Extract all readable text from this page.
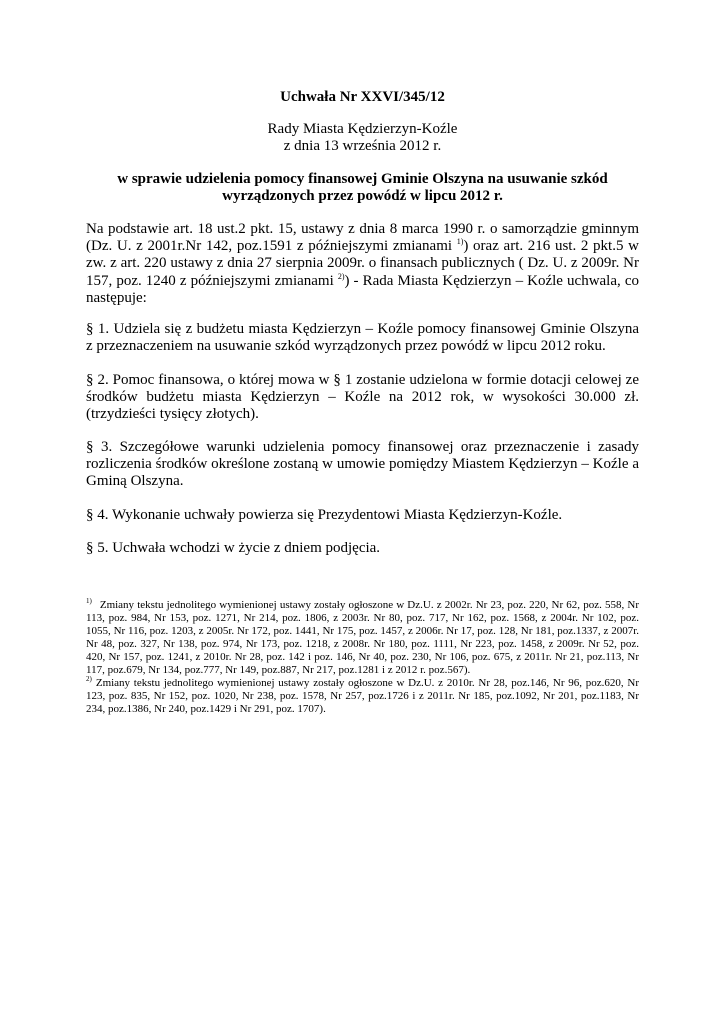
Uchwała Nr XXVI/345/12
Rady Miasta Kędzierzyn-Koźle
z dnia 13 września 2012 r.
w sprawie udzielenia pomocy finansowej Gminie Olszyna na usuwanie szkód
wyrządzonych przez powódź w lipcu 2012 r.

Na podstawie art. 18 ust.2 pkt. 15, ustawy z dnia 8 marca 1990 r. o samorządzie gminnym (Dz. U. z 2001r.Nr 142, poz.1591 z późniejszymi zmianami $^{1)}$) oraz art. 216 ust. 2 pkt.5 w zw. z art. 220 ustawy z dnia 27 sierpnia 2009r. o finansach publicznych ( Dz. U. z 2009r. Nr 157, poz. 1240 z późniejszymi zmianami $^{2)}$) - Rada Miasta Kędzierzyn – Koźle uchwala, co następuje:

§ 1. Udziela się z budżetu miasta Kędzierzyn – Koźle pomocy finansowej Gminie Olszyna z przeznaczeniem na usuwanie szkód wyrządzonych przez powódź w lipcu 2012 roku.

§ 2. Pomoc finansowa, o której mowa w § 1 zostanie udzielona w formie dotacji celowej ze środków budżetu miasta Kędzierzyn – Koźle na 2012 rok, w wysokości 30.000 zł.(trzydzieści tysięcy złotych).

§ 3. Szczegółowe warunki udzielenia pomocy finansowej oraz przeznaczenie i zasady rozliczenia środków określone zostaną w umowie pomiędzy Miastem Kędzierzyn – Koźle a Gminą Olszyna.

§ 4. Wykonanie uchwały powierza się Prezydentowi Miasta Kędzierzyn-Koźle.

§ 5. Uchwała wchodzi w życie z dniem podjęcia.

$^{1)}$ Zmiany tekstu jednolitego wymienionej ustawy zostały ogłoszone w Dz.U. z 2002r. Nr 23, poz. 220, Nr 62, poz. 558, Nr 113, poz. 984, Nr 153, poz. 1271, Nr 214, poz. 1806, z 2003r. Nr 80, poz. 717, Nr 162, poz. 1568, z 2004r. Nr 102, poz. 1055, Nr 116, poz. 1203, z 2005r. Nr 172, poz. 1441, Nr 175, poz. 1457, z 2006r. Nr 17, poz. 128, Nr 181, poz.1337, z 2007r. Nr 48, poz. 327, Nr 138, poz. 974, Nr 173, poz. 1218, z 2008r. Nr 180, poz. 1111, Nr 223, poz. 1458, z 2009r. Nr 52, poz. 420, Nr 157, poz. 1241, z 2010r. Nr 28, poz. 142 i poz. 146, Nr 40, poz. 230, Nr 106, poz. 675, z 2011r. Nr 21, poz.113, Nr 117, poz.679, Nr 134, poz.777, Nr 149, poz.887, Nr 217, poz.1281 i z 2012 r. poz.567).

$^{2)}$ Zmiany tekstu jednolitego wymienionej ustawy zostały ogłoszone w Dz.U. z 2010r. Nr 28, poz.146, Nr 96, poz.620, Nr 123, poz. 835, Nr 152, poz. 1020, Nr 238, poz. 1578, Nr 257, poz.1726 i z 2011r. Nr 185, poz.1092, Nr 201, poz.1183, Nr 234, poz.1386, Nr 240, poz.1429 i Nr 291, poz. 1707).
